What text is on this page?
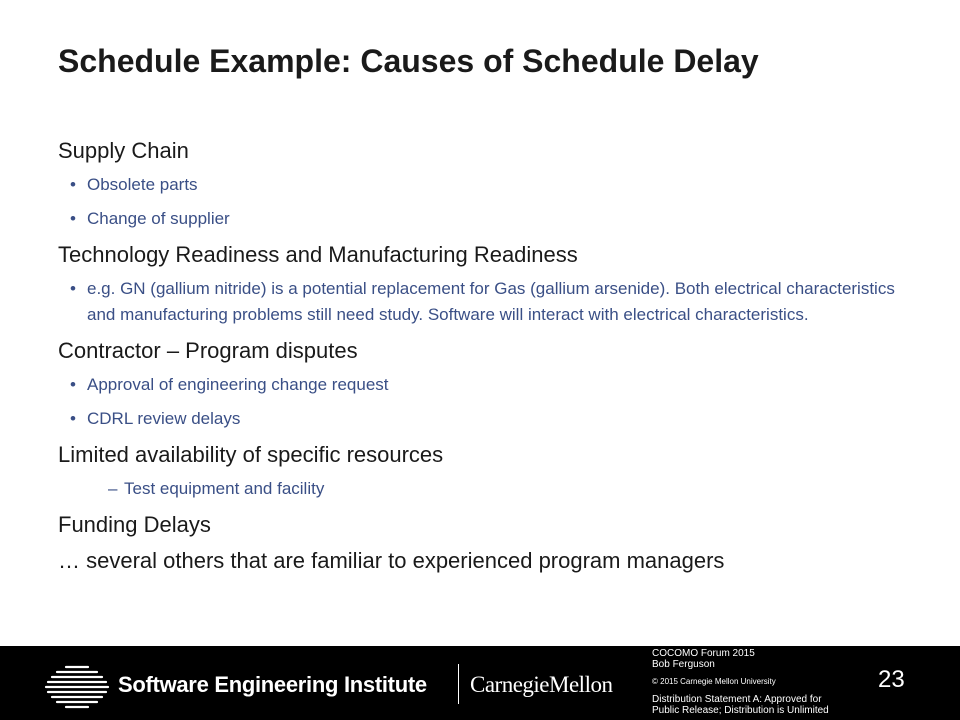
Schedule Example: Causes of Schedule Delay

Supply Chain

• Obsolete parts
• Change of supplier

Technology Readiness and Manufacturing Readiness

• e.g. GN (gallium nitride) is a potential replacement for Gas (gallium arsenide). Both electrical characteristics and manufacturing problems still need study. Software will interact with electrical characteristics.

Contractor – Program disputes

• Approval of engineering change request
• CDRL review delays

Limited availability of specific resources

– Test equipment and facility

Funding Delays

… several others that are familiar to experienced program managers

Software Engineering Institute CarnegieMellon
COCOMO Forum 2015
Bob Ferguson
© 2015 Carnegie Mellon University
Distribution Statement A: Approved for
Public Release; Distribution is Unlimited
23
